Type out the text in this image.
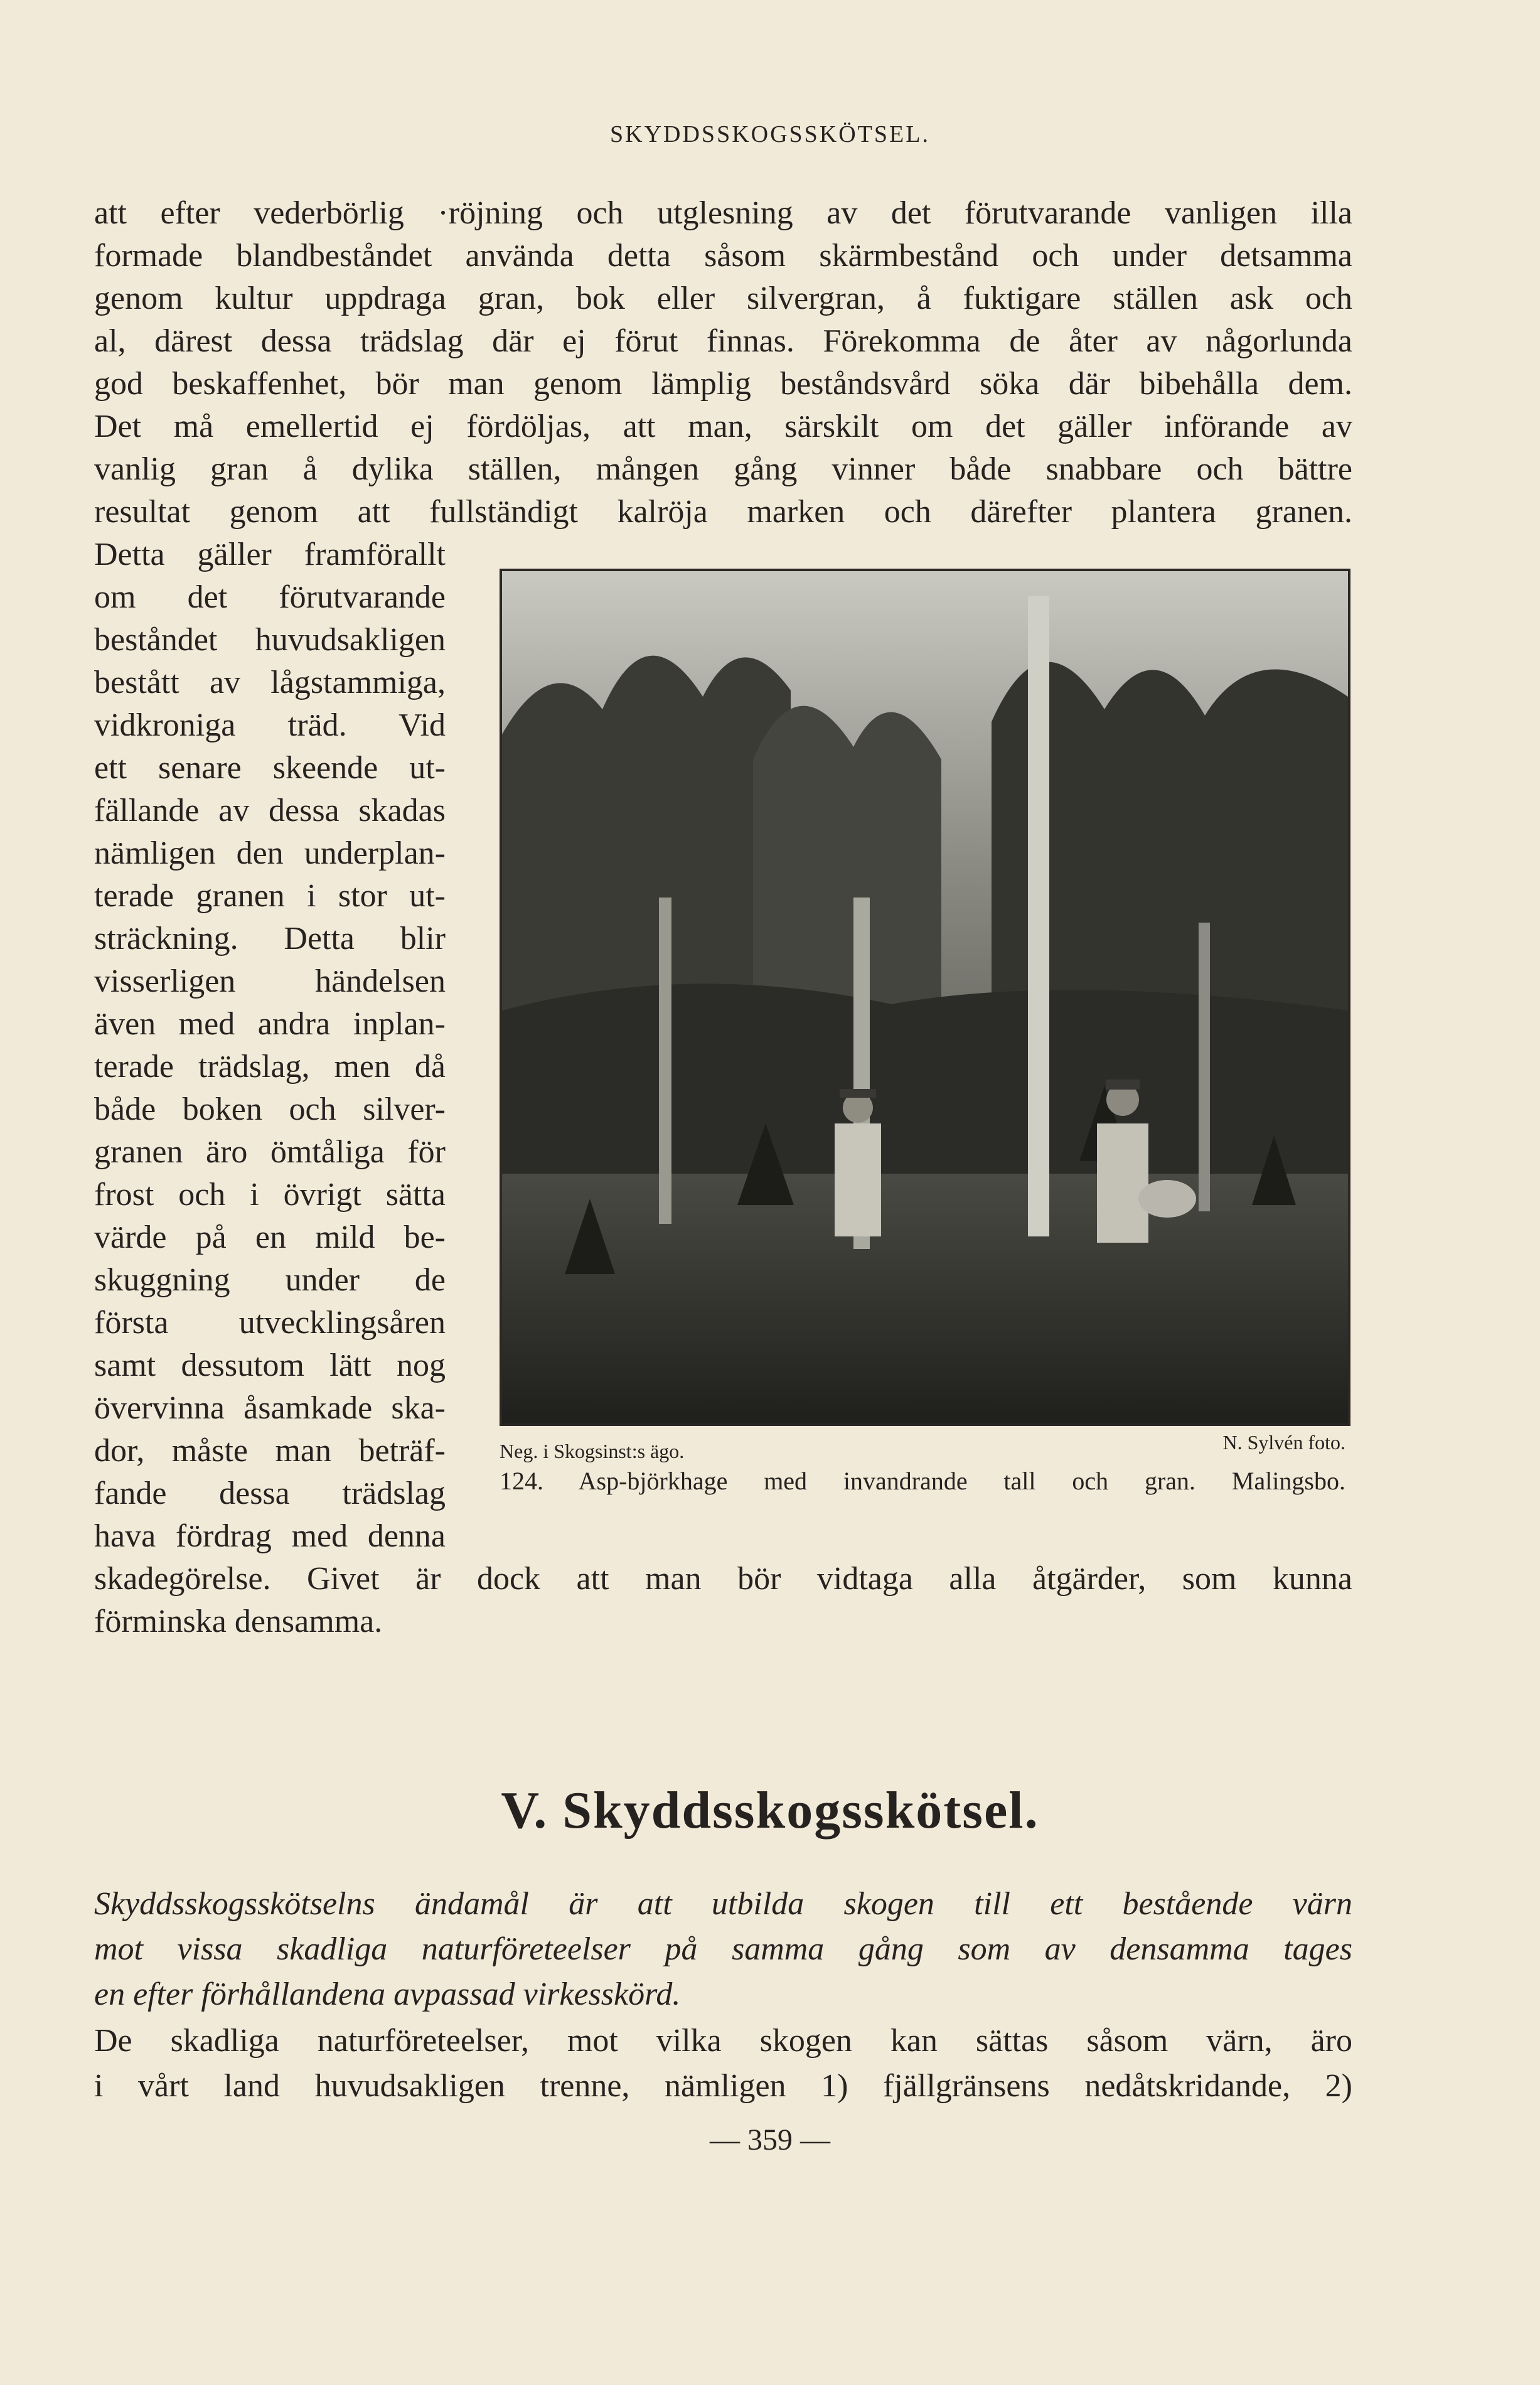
SKYDDSSKOGSSKÖTSEL.
att efter vederbörlig ·röjning och utglesning av det förutvarande vanligen illa
formade blandbeståndet använda detta såsom skärmbestånd och under detsamma
genom kultur uppdraga gran, bok eller silvergran, å fuktigare ställen ask och
al, därest dessa trädslag där ej förut finnas. Förekomma de åter av någorlunda
god beskaffenhet, bör man genom lämplig beståndsvård söka där bibehålla dem.
Det må emellertid ej fördöljas, att man, särskilt om det gäller införande av
vanlig gran å dylika ställen, mången gång vinner både snabbare och bättre
resultat genom att fullständigt kalröja marken och därefter plantera granen.
Detta gäller framförallt
om det förutvarande
beståndet huvudsakligen
bestått av lågstammiga,
vidkroniga träd. Vid
ett senare skeende ut-
fällande av dessa skadas
nämligen den underplan-
terade granen i stor ut-
sträckning. Detta blir
visserligen händelsen
även med andra inplan-
terade trädslag, men då
både boken och silver-
granen äro ömtåliga för
frost och i övrigt sätta
värde på en mild be-
skuggning under de
första utvecklingsåren
samt dessutom lätt nog
övervinna åsamkade ska-
dor, måste man beträf-
fande dessa trädslag
hava fördrag med denna
skadegörelse. Givet är dock att man bör vidtaga alla åtgärder, som kunna
förminska densamma.
Neg. i Skogsinst:s ägo.	N. Sylvén foto.
124. Asp-björkhage med invandrande tall och gran. Malingsbo.
V. Skyddsskogsskötsel.
Skyddsskogsskötselns ändamål är att utbilda skogen till ett bestående värn
mot vissa skadliga naturföreteelser på samma gång som av densamma tages
en efter förhållandena avpassad virkesskörd.
De skadliga naturföreteelser, mot vilka skogen kan sättas såsom värn, äro
i vårt land huvudsakligen trenne, nämligen 1) fjällgränsens nedåtskridande, 2)
— 359 —
